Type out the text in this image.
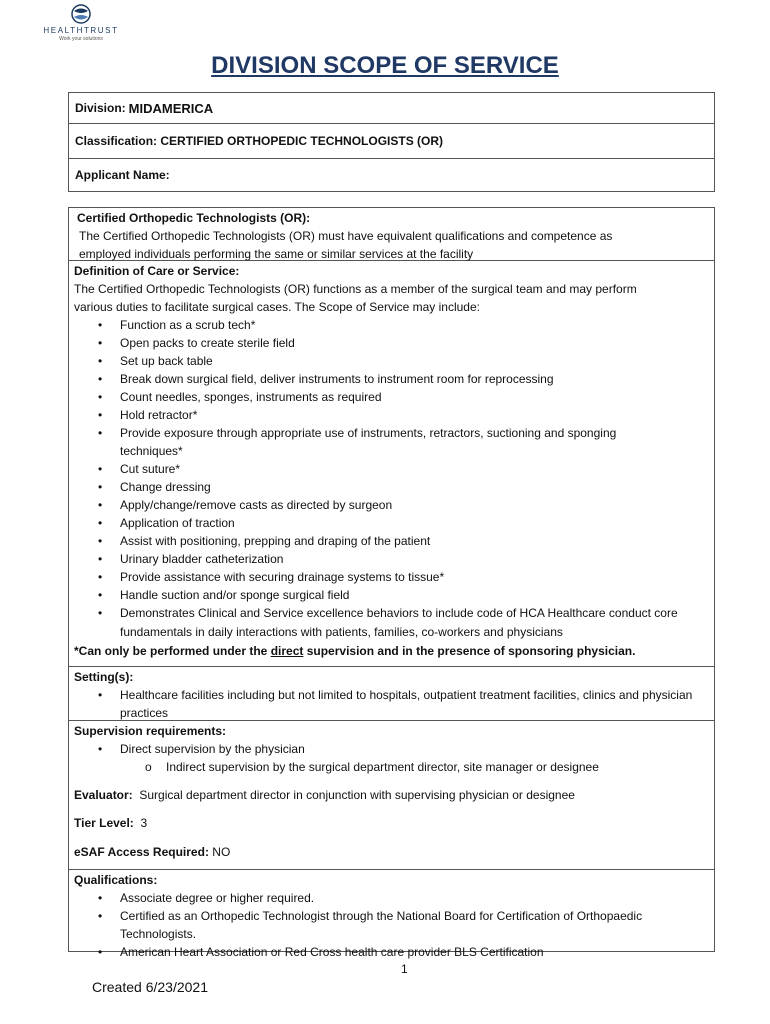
HEALTHTRUST
Work your solutions
DIVISION SCOPE OF SERVICE
Division: MIDAMERICA
Classification:
CERTIFIED ORTHOPEDIC TECHNOLOGISTS (OR)
Applicant Name:

Certified Orthopedic Technologists (OR):
The Certified Orthopedic Technologists (OR) must have equivalent qualifications and competence as
employed individuals performing the same or similar services at the facility
Definition of Care or Service:
The Certified Orthopedic Technologists (OR) functions as a member of the surgical team and may perform
various duties to facilitate surgical cases. The Scope of Service may include:
• Function as a scrub tech*
• Open packs to create sterile field
• Set up back table
• Break down surgical field, deliver instruments to instrument room for reprocessing
• Count needles, sponges, instruments as required
• Hold retractor*
• Provide exposure through appropriate use of instruments, retractors, suctioning and sponging techniques*
• Cut suture*
• Change dressing
• Apply/change/remove casts as directed by surgeon
• Application of traction
• Assist with positioning, prepping and draping of the patient
• Urinary bladder catheterization
• Provide assistance with securing drainage systems to tissue*
• Handle suction and/or sponge surgical field
• Demonstrates Clinical and Service excellence behaviors to include code of HCA Healthcare conduct core fundamentals in daily interactions with patients, families, co-workers and physicians
*Can only be performed under the direct supervision and in the presence of sponsoring physician.
Setting(s):
• Healthcare facilities including but not limited to hospitals, outpatient treatment facilities, clinics and physician practices
Supervision requirements:
• Direct supervision by the physician
o Indirect supervision by the surgical department director, site manager or designee
Evaluator: Surgical department director in conjunction with supervising physician or designee
Tier Level: 3
eSAF Access Required: NO
Qualifications:
• Associate degree or higher required.
• Certified as an Orthopedic Technologist through the National Board for Certification of Orthopaedic Technologists.
• American Heart Association or Red Cross health care provider BLS Certification
1
Created 6/23/2021
